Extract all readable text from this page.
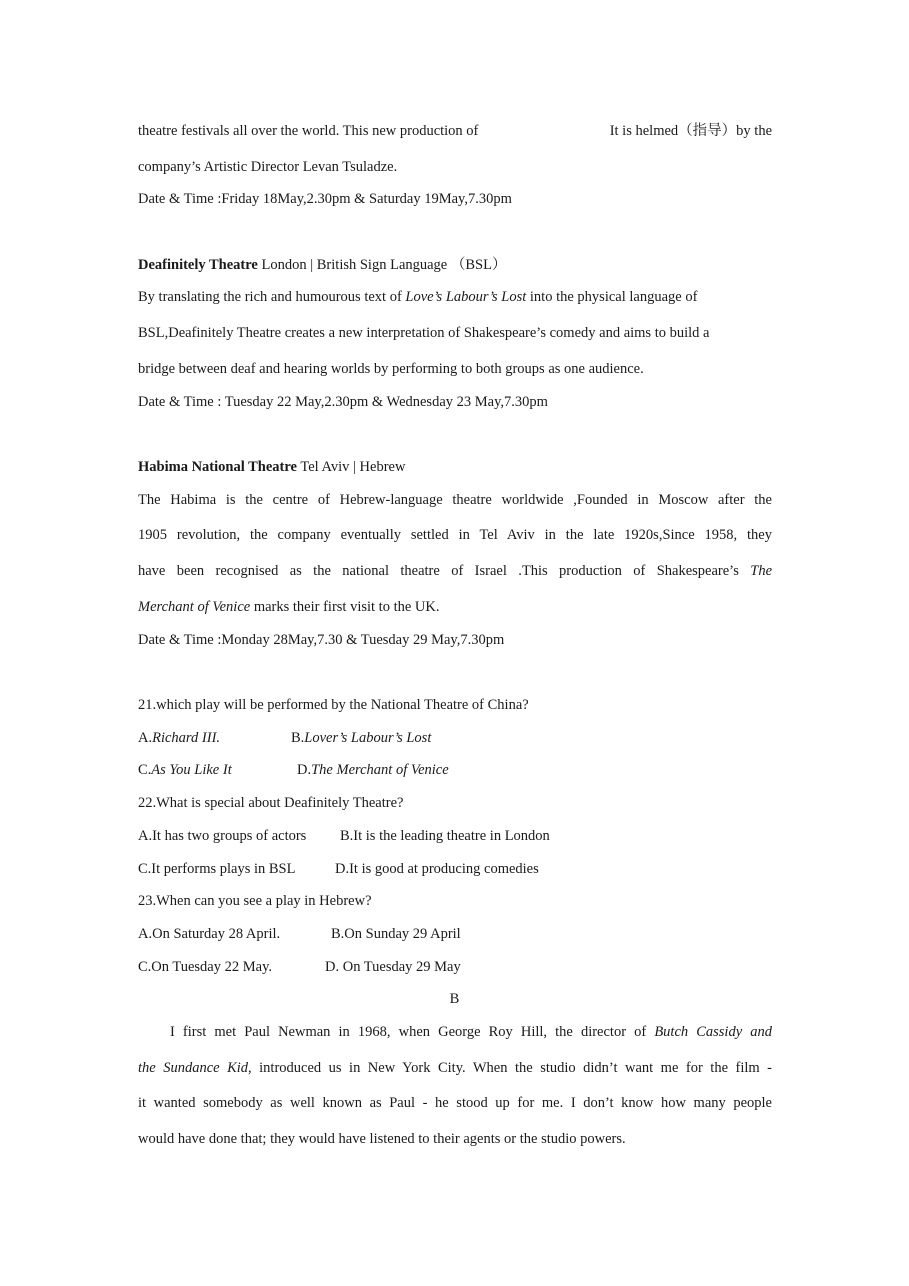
theatre festivals all over the world. This new production of	It is helmed（指导）by the
company’s Artistic Director Levan Tsuladze.
Date & Time :Friday 18May,2.30pm & Saturday 19May,7.30pm
Deafinitely Theatre London | British Sign Language （BSL）
By translating the rich and humourous text of Love’s Labour’s Lost into the physical language of
BSL,Deafinitely Theatre creates a new interpretation of Shakespeare’s comedy and aims to build a
bridge between deaf and hearing worlds by performing to both groups as one audience.
Date & Time : Tuesday 22 May,2.30pm & Wednesday 23 May,7.30pm
Habima National Theatre Tel Aviv | Hebrew
The Habima is the centre of Hebrew-language theatre worldwide ,Founded in Moscow after the
1905 revolution, the company eventually settled in Tel Aviv in the late 1920s,Since 1958, they
have been recognised as the national theatre of Israel .This production of Shakespeare’s The
Merchant of Venice marks their first visit to the UK.
Date & Time :Monday 28May,7.30 & Tuesday 29 May,7.30pm
21.which play will be performed by the National Theatre of China?
A.Richard III.	B.Lover’s Labour’s Lost
C.As You Like It	D.The Merchant of Venice
22.What is special about Deafinitely Theatre?
A.It has two groups of actors B.It is the leading theatre in London
C.It performs plays in BSL	D.It is good at producing comedies
23.When can you see a play in Hebrew?
A.On Saturday 28 April.	B.On Sunday 29 April
C.On Tuesday 22 May.	D. On Tuesday 29 May
B
I first met Paul Newman in 1968, when George Roy Hill, the director of Butch Cassidy and
the Sundance Kid, introduced us in New York City. When the studio didn’t want me for the film -
it wanted somebody as well known as Paul - he stood up for me. I don’t know how many people
would have done that; they would have listened to their agents or the studio powers.
